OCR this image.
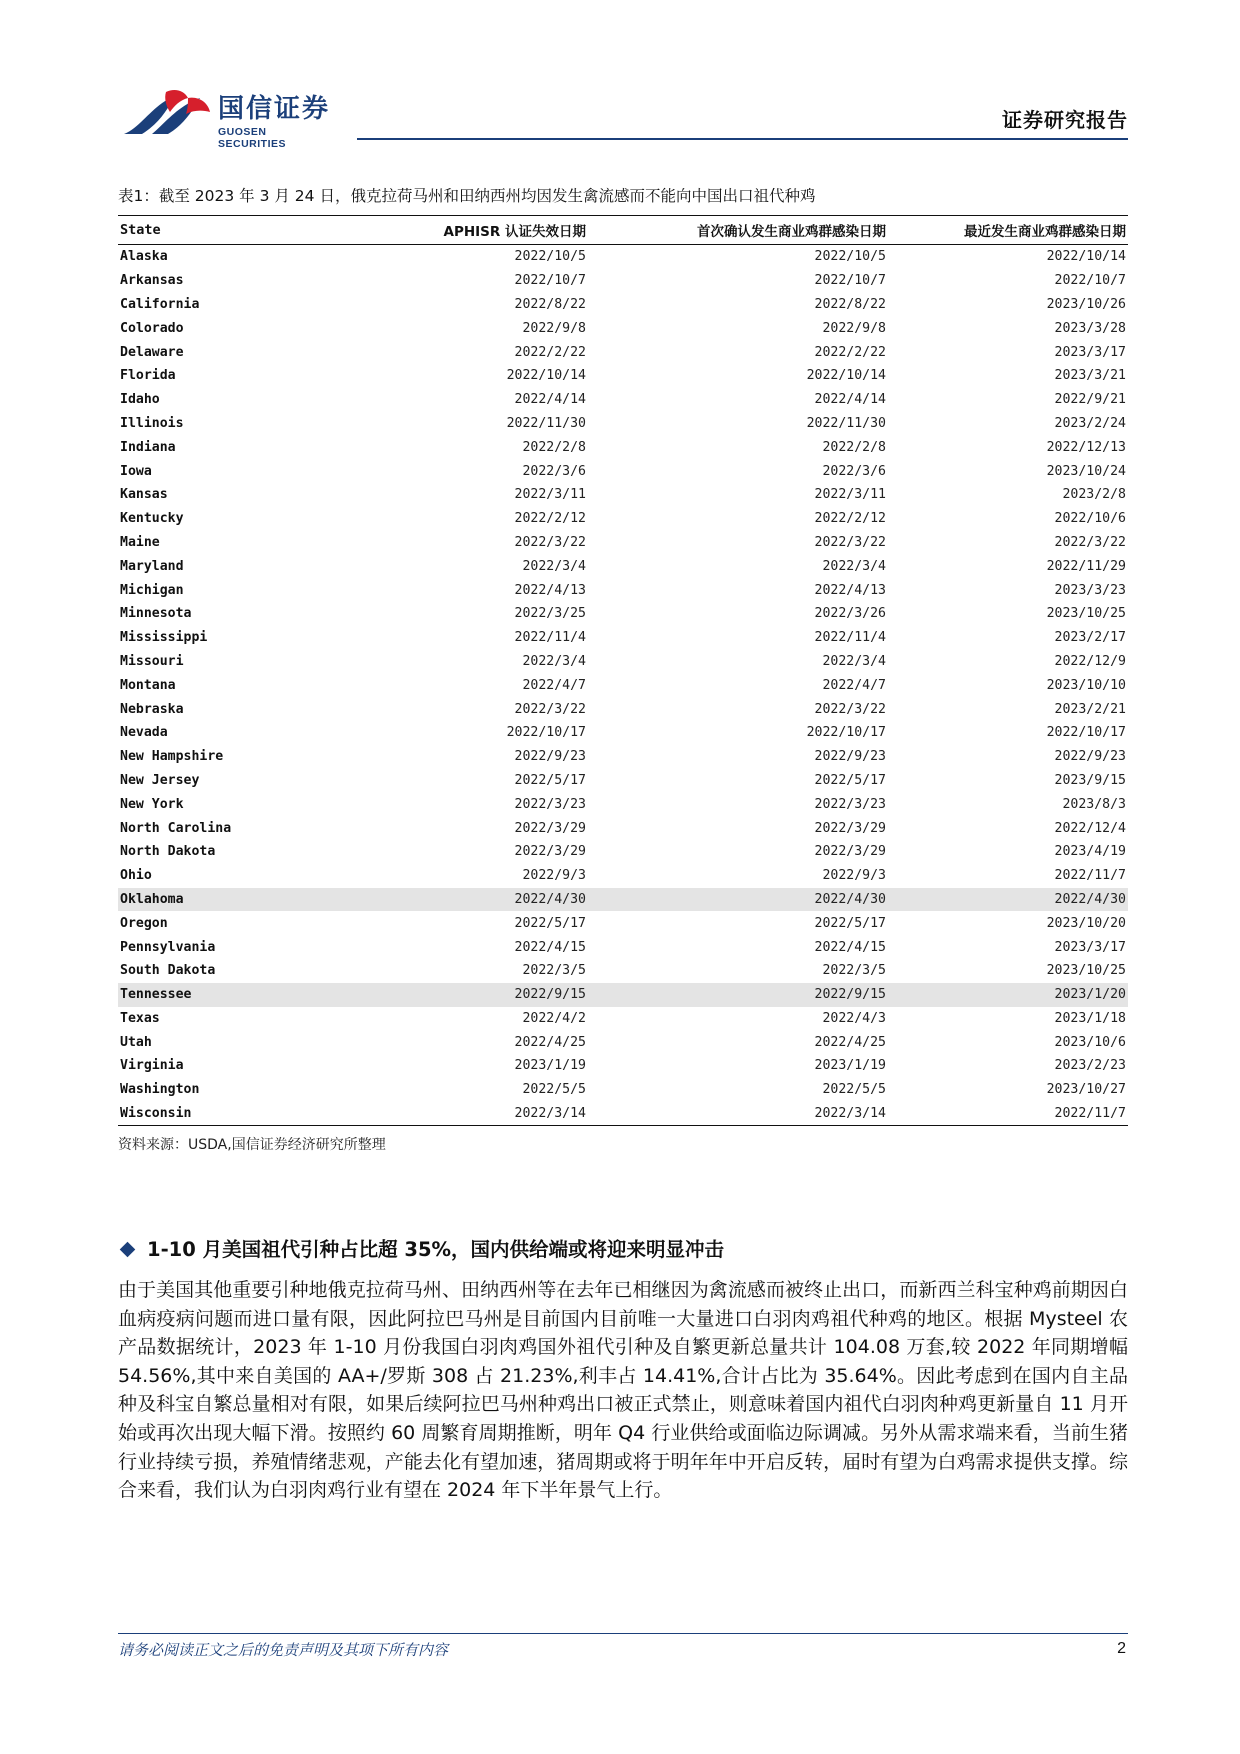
国信证券
GUOSEN SECURITIES
证券研究报告
表1：截至 2023 年 3 月 24 日，俄克拉荷马州和田纳西州均因发生禽流感而不能向中国出口祖代种鸡
State	APHISR 认证失效日期	首次确认发生商业鸡群感染日期	最近发生商业鸡群感染日期
Alaska	2022/10/5	2022/10/5	2022/10/14
Arkansas	2022/10/7	2022/10/7	2022/10/7
California	2022/8/22	2022/8/22	2023/10/26
Colorado	2022/9/8	2022/9/8	2023/3/28
Delaware	2022/2/22	2022/2/22	2023/3/17
Florida	2022/10/14	2022/10/14	2023/3/21
Idaho	2022/4/14	2022/4/14	2022/9/21
Illinois	2022/11/30	2022/11/30	2023/2/24
Indiana	2022/2/8	2022/2/8	2022/12/13
Iowa	2022/3/6	2022/3/6	2023/10/24
Kansas	2022/3/11	2022/3/11	2023/2/8
Kentucky	2022/2/12	2022/2/12	2022/10/6
Maine	2022/3/22	2022/3/22	2022/3/22
Maryland	2022/3/4	2022/3/4	2022/11/29
Michigan	2022/4/13	2022/4/13	2023/3/23
Minnesota	2022/3/25	2022/3/26	2023/10/25
Mississippi	2022/11/4	2022/11/4	2023/2/17
Missouri	2022/3/4	2022/3/4	2022/12/9
Montana	2022/4/7	2022/4/7	2023/10/10
Nebraska	2022/3/22	2022/3/22	2023/2/21
Nevada	2022/10/17	2022/10/17	2022/10/17
New Hampshire	2022/9/23	2022/9/23	2022/9/23
New Jersey	2022/5/17	2022/5/17	2023/9/15
New York	2022/3/23	2022/3/23	2023/8/3
North Carolina	2022/3/29	2022/3/29	2022/12/4
North Dakota	2022/3/29	2022/3/29	2023/4/19
Ohio	2022/9/3	2022/9/3	2022/11/7
Oklahoma	2022/4/30	2022/4/30	2022/4/30
Oregon	2022/5/17	2022/5/17	2023/10/20
Pennsylvania	2022/4/15	2022/4/15	2023/3/17
South Dakota	2022/3/5	2022/3/5	2023/10/25
Tennessee	2022/9/15	2022/9/15	2023/1/20
Texas	2022/4/2	2022/4/3	2023/1/18
Utah	2022/4/25	2022/4/25	2023/10/6
Virginia	2023/1/19	2023/1/19	2023/2/23
Washington	2022/5/5	2022/5/5	2023/10/27
Wisconsin	2022/3/14	2022/3/14	2022/11/7
资料来源：USDA,国信证券经济研究所整理
1-10 月美国祖代引种占比超 35%，国内供给端或将迎来明显冲击
由于美国其他重要引种地俄克拉荷马州、田纳西州等在去年已相继因为禽流感而被终止出口，而新西兰科宝种鸡前期因白血病疫病问题而进口量有限，因此阿拉巴马州是目前国内目前唯一大量进口白羽肉鸡祖代种鸡的地区。根据 Mysteel 农产品数据统计，2023 年 1-10 月份我国白羽肉鸡国外祖代引种及自繁更新总量共计 104.08 万套,较 2022 年同期增幅 54.56%,其中来自美国的 AA+/罗斯 308 占 21.23%,利丰占 14.41%,合计占比为 35.64%。因此考虑到在国内自主品种及科宝自繁总量相对有限，如果后续阿拉巴马州种鸡出口被正式禁止，则意味着国内祖代白羽肉种鸡更新量自 11 月开始或再次出现大幅下滑。按照约 60 周繁育周期推断，明年 Q4 行业供给或面临边际调减。另外从需求端来看，当前生猪行业持续亏损，养殖情绪悲观，产能去化有望加速，猪周期或将于明年年中开启反转，届时有望为白鸡需求提供支撑。综合来看，我们认为白羽肉鸡行业有望在 2024 年下半年景气上行。
请务必阅读正文之后的免责声明及其项下所有内容	2
